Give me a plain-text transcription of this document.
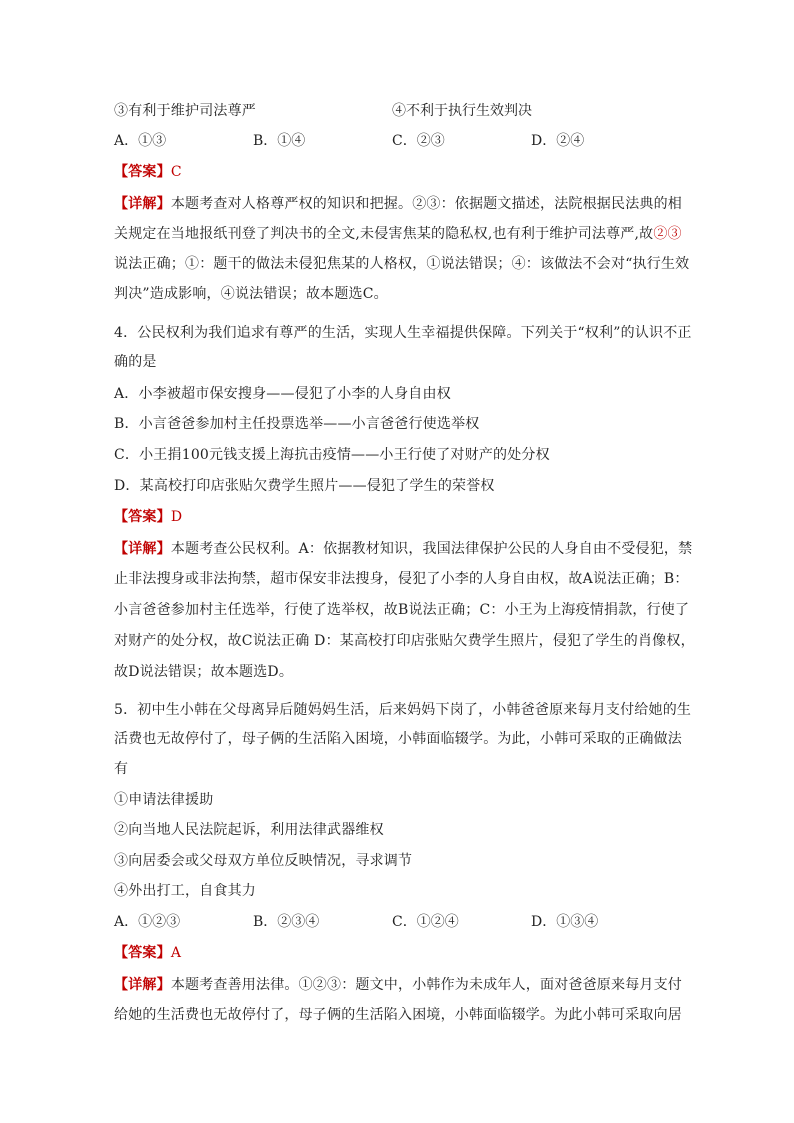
③有利于维护司法尊严	④不利于执行生效判决
A．①③	B．①④	C．②③	D．②④
【答案】C
【详解】本题考查对人格尊严权的知识和把握。②③：依据题文描述，法院根据民法典的相
关规定在当地报纸刊登了判决书的全文,未侵害焦某的隐私权,也有利于维护司法尊严,故②③
说法正确；①：题干的做法未侵犯焦某的人格权，①说法错误；④：该做法不会对“执行生效
判决”造成影响，④说法错误；故本题选C。
4．公民权利为我们追求有尊严的生活，实现人生幸福提供保障。下列关于“权利”的认识不正
确的是
A．小李被超市保安搜身——侵犯了小李的人身自由权
B．小言爸爸参加村主任投票选举——小言爸爸行使选举权
C．小王捐100元钱支援上海抗击疫情——小王行使了对财产的处分权
D．某高校打印店张贴欠费学生照片——侵犯了学生的荣誉权
【答案】D
【详解】本题考查公民权利。A：依据教材知识，我国法律保护公民的人身自由不受侵犯，禁
止非法搜身或非法拘禁，超市保安非法搜身，侵犯了小李的人身自由权，故A说法正确；B：
小言爸爸参加村主任选举，行使了选举权，故B说法正确；C：小王为上海疫情捐款，行使了
对财产的处分权，故C说法正确 D：某高校打印店张贴欠费学生照片，侵犯了学生的肖像权，
故D说法错误；故本题选D。
5．初中生小韩在父母离异后随妈妈生活，后来妈妈下岗了，小韩爸爸原来每月支付给她的生
活费也无故停付了，母子俩的生活陷入困境，小韩面临辍学。为此，小韩可采取的正确做法
有
①申请法律援助
②向当地人民法院起诉，利用法律武器维权
③向居委会或父母双方单位反映情况，寻求调节
④外出打工，自食其力
A．①②③	B．②③④	C．①②④	D．①③④
【答案】A
【详解】本题考查善用法律。①②③：题文中，小韩作为未成年人，面对爸爸原来每月支付
给她的生活费也无故停付了，母子俩的生活陷入困境，小韩面临辍学。为此小韩可采取向居
